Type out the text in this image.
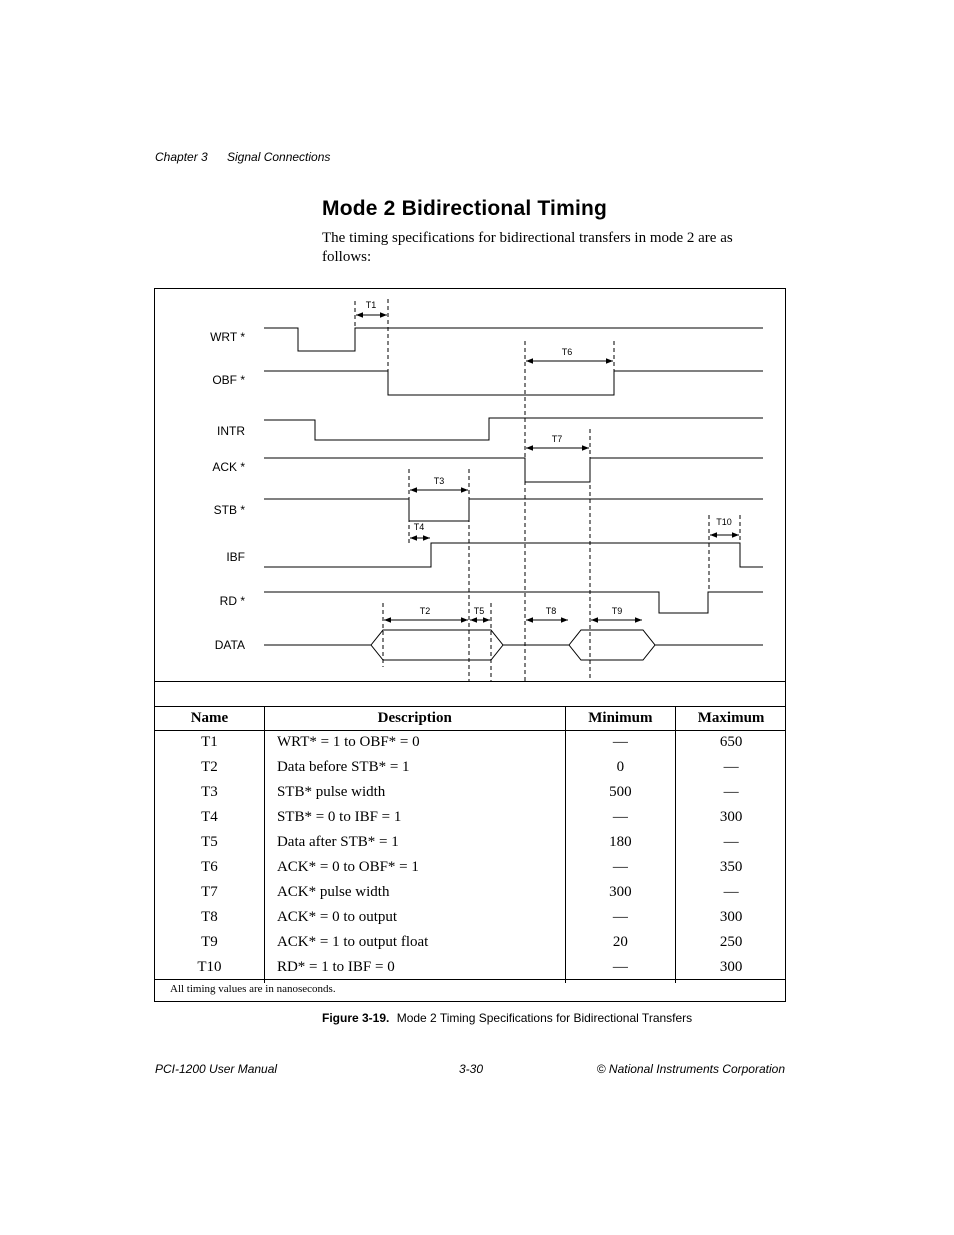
Chapter 3 Signal Connections
Mode 2 Bidirectional Timing

The timing specifications for bidirectional transfers in mode 2 are as follows:

WRT *
OBF *
INTR
ACK *
STB *
IBF
RD *
DATA
T1
T6
T7
T3
T4	T10
T2	T5	T8	T9
Name	Description	Minimum	Maximum
T1	WRT* = 1 to OBF* = 0	—	650
T2	Data before STB* = 1	0	—
T3	STB* pulse width	500	—
T4	STB* = 0 to IBF = 1	—	300
T5	Data after STB* = 1	180	—
T6	ACK* = 0 to OBF* = 1	—	350
T7	ACK* pulse width	300	—
T8	ACK* = 0 to output	—	300
T9	ACK* = 1 to output float	20	250
T10	RD* = 1 to IBF = 0	—	300
All timing values are in nanoseconds.
Figure 3-19. Mode 2 Timing Specifications for Bidirectional Transfers
PCI-1200 User Manual	3-30	© National Instruments Corporation
